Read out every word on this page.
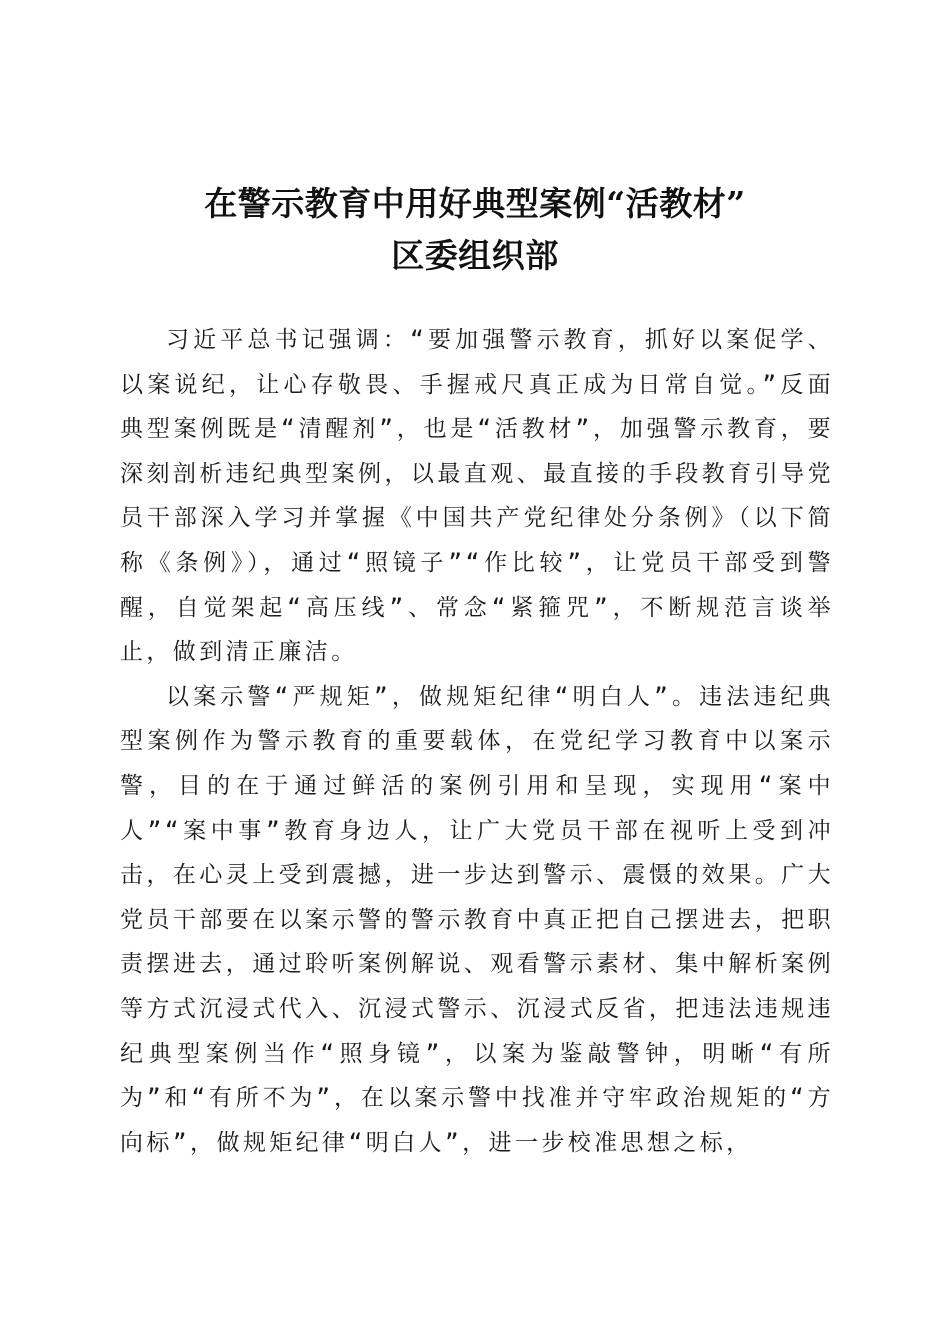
在警示教育中用好典型案例“活教材”
区委组织部

习近平总书记强调：“要加强警示教育，抓好以案促学、以案说纪，让心存敬畏、手握戒尺真正成为日常自觉。”反面典型案例既是“清醒剂”，也是“活教材”，加强警示教育，要深刻剖析违纪典型案例，以最直观、最直接的手段教育引导党员干部深入学习并掌握《中国共产党纪律处分条例》（以下简称《条例》），通过“照镜子”“作比较”，让党员干部受到警醒，自觉架起“高压线”、常念“紧箍咒”，不断规范言谈举止，做到清正廉洁。

以案示警“严规矩”，做规矩纪律“明白人”。违法违纪典型案例作为警示教育的重要载体，在党纪学习教育中以案示警，目的在于通过鲜活的案例引用和呈现，实现用“案中人”“案中事”教育身边人，让广大党员干部在视听上受到冲击，在心灵上受到震撼，进一步达到警示、震慑的效果。广大党员干部要在以案示警的警示教育中真正把自己摆进去，把职责摆进去，通过聆听案例解说、观看警示素材、集中解析案例等方式沉浸式代入、沉浸式警示、沉浸式反省，把违法违规违纪典型案例当作“照身镜”，以案为鉴敲警钟，明晰“有所为”和“有所不为”，在以案示警中找准并守牢政治规矩的“方向标”，做规矩纪律“明白人”，进一步校准思想之标，
